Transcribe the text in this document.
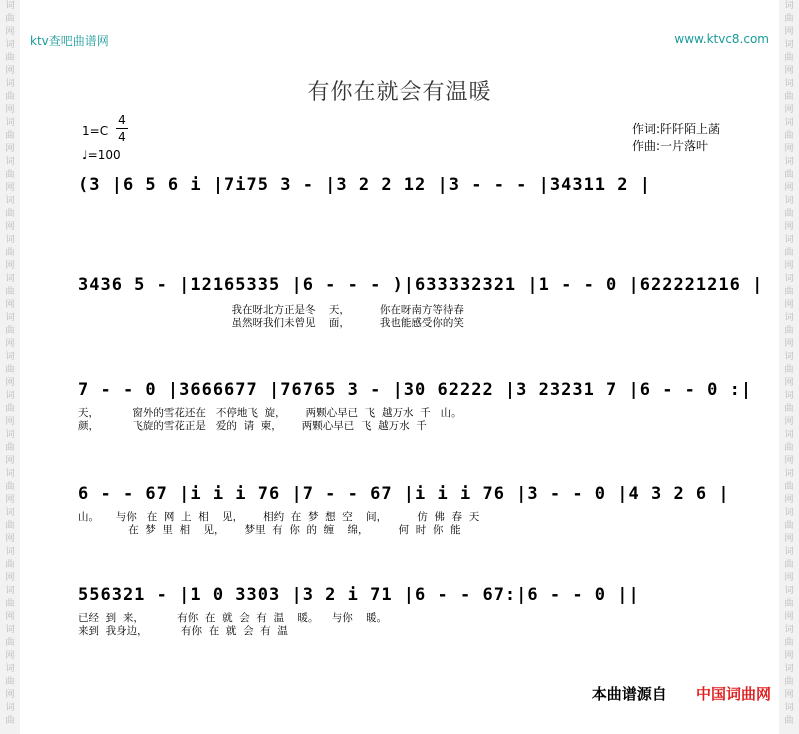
词
曲
网
词
曲
网
词
曲
网
词
曲
网
词
曲
网
词
曲
网
词
曲
网
词
曲
网
词
曲
网
词
曲
网
词
曲
网
词
曲
网
词
曲
网
词
曲
网
词
曲
网
词
曲
网
词
曲
网
词
曲
网
词
曲
词
曲
网
词
曲
网
词
曲
网
词
曲
网
词
曲
网
词
曲
网
词
曲
网
词
曲
网
词
曲
网
词
曲
网
词
曲
网
词
曲
网
词
曲
网
词
曲
网
词
曲
网
词
曲
网
词
曲
网
词
曲
网
词
曲
ktv查吧曲谱网	www.ktvc8.com
有你在就会有温暖
1=C
4
4
♩=100
作词:阡阡陌上菡
作曲:一片落叶
(3 |6 5 6 i |7i75 3 - |3 2 2 12 |3 - - - |34311 2 |
3436 5 - |12165335 |6 - - - )|633332321 |1 - - 0 |622221216 |
我在呀北方正是冬    天，         你在呀南方等待春
虽然呀我们未曾见    面，         我也能感受你的笑
7 - - 0 |3666677 |76765 3 - |30 62222 |3 23231 7 |6 - - 0 :|
天，          窗外的雪花还在   不停地飞  旋，      两颗心早已  飞  越万水  千   山。
颜，          飞旋的雪花正是   爱的  请  柬，      两颗心早已  飞  越万水  千
6 - - 67 |i i i 76 |7 - - 67 |i i i 76 |3 - - 0 |4 3 2 6 |
山。     与你   在  网  上  相    见，      相约  在  梦  想  空    间，         仿  佛  春  天
在  梦  里  相    见，      梦里  有  你  的  缠    绵，         何  时  你  能
556321 - |1 0 3303 |3 2 i 71 |6 - - 67:|6 - - 0 ||
已经  到  来，          有你  在  就  会  有  温    暖。    与你    暖。
来到  我身边，          有你  在  就  会  有  温
本曲谱源自 中国词曲网
